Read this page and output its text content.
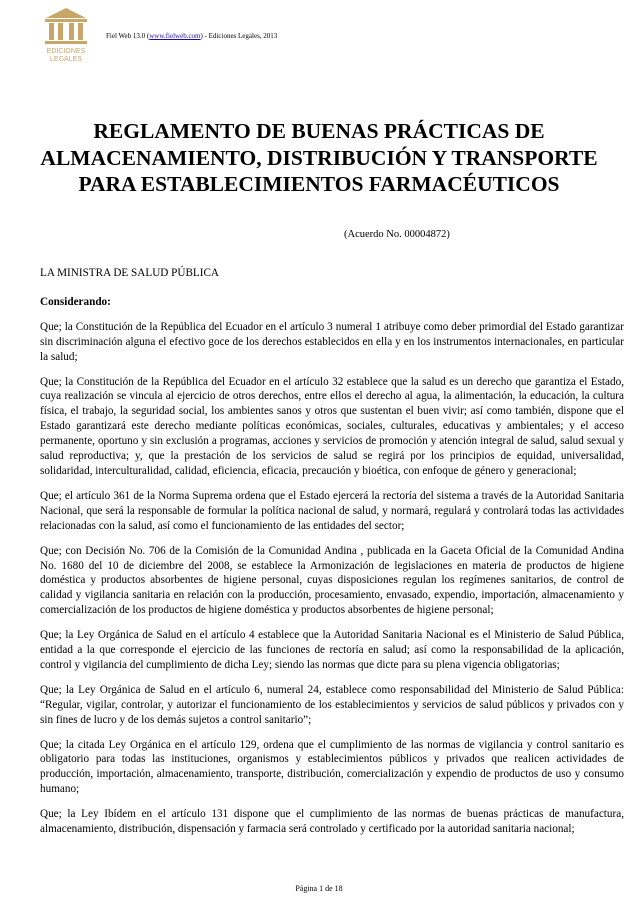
EDICIONES
LEGALES
Fiel Web 13.0 (www.fielweb.com) - Ediciones Legales, 2013
REGLAMENTO DE BUENAS PRÁCTICAS DE ALMACENAMIENTO, DISTRIBUCIÓN Y TRANSPORTE PARA ESTABLECIMIENTOS FARMACÉUTICOS
(Acuerdo No. 00004872)

LA MINISTRA DE SALUD PÚBLICA

Considerando:

Que; la Constitución de la República del Ecuador en el artículo 3 numeral 1 atribuye como deber primordial del Estado garantizar sin discriminación alguna el efectivo goce de los derechos establecidos en ella y en los instrumentos internacionales, en particular la salud;

Que; la Constitución de la República del Ecuador en el artículo 32 establece que la salud es un derecho que garantiza el Estado, cuya realización se vincula al ejercicio de otros derechos, entre ellos el derecho al agua, la alimentación, la educación, la cultura física, el trabajo, la seguridad social, los ambientes sanos y otros que sustentan el buen vivir; así como también, dispone que el Estado garantizará este derecho mediante políticas económicas, sociales, culturales, educativas y ambientales; y el acceso permanente, oportuno y sin exclusión a programas, acciones y servicios de promoción y atención integral de salud, salud sexual y salud reproductiva; y, que la prestación de los servicios de salud se regirá por los principios de equidad, universalidad, solidaridad, interculturalidad, calidad, eficiencia, eficacia, precaución y bioética, con enfoque de género y generacional;

Que; el artículo 361 de la Norma Suprema ordena que el Estado ejercerá la rectoría del sistema a través de la Autoridad Sanitaria Nacional, que será la responsable de formular la política nacional de salud, y normará, regulará y controlará todas las actividades relacionadas con la salud, así como el funcionamiento de las entidades del sector;

Que; con Decisión No. 706 de la Comisión de la Comunidad Andina , publicada en la Gaceta Oficial de la Comunidad Andina No. 1680 del 10 de diciembre del 2008, se establece la Armonización de legislaciones en materia de productos de higiene doméstica y productos absorbentes de higiene personal, cuyas disposiciones regulan los regímenes sanitarios, de control de calidad y vigilancia sanitaria en relación con la producción, procesamiento, envasado, expendio, importación, almacenamiento y comercialización de los productos de higiene doméstica y productos absorbentes de higiene personal;

Que; la Ley Orgánica de Salud en el artículo 4 establece que la Autoridad Sanitaria Nacional es el Ministerio de Salud Pública, entidad a la que corresponde el ejercicio de las funciones de rectoría en salud; así como la responsabilidad de la aplicación, control y vigilancia del cumplimiento de dicha Ley; siendo las normas que dicte para su plena vigencia obligatorias;

Que; la Ley Orgánica de Salud en el artículo 6, numeral 24, establece como responsabilidad del Ministerio de Salud Pública: “Regular, vigilar, controlar, y autorizar el funcionamiento de los establecimientos y servicios de salud públicos y privados con y sin fines de lucro y de los demás sujetos a control sanitario”;

Que; la citada Ley Orgánica en el artículo 129, ordena que el cumplimiento de las normas de vigilancia y control sanitario es obligatorio para todas las instituciones, organismos y establecimientos públicos y privados que realicen actividades de producción, importación, almacenamiento, transporte, distribución, comercialización y expendio de productos de uso y consumo humano;

Que; la Ley Ibídem en el artículo 131 dispone que el cumplimiento de las normas de buenas prácticas de manufactura, almacenamiento, distribución, dispensación y farmacia será controlado y certificado por la autoridad sanitaria nacional;

Página 1 de 18
